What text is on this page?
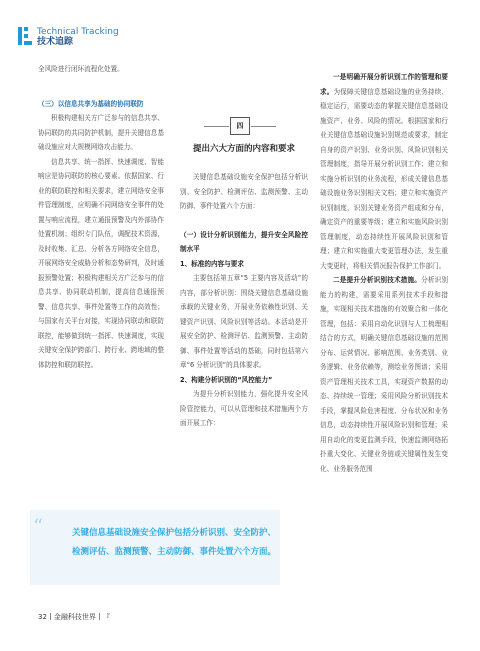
Technical Tracking
技术追踪

全风险进行闭环流程化处置。

（三）以信息共享为基础的协同联防

积极构建相关方广泛参与的信息共享、协同联防的共同防护机制，提升关键信息基础设施应对大规模网络攻击能力。

信息共享、统一指挥、快速调度、智能响应是协同联防的核心要素。依据国家、行业的联防联控和相关要求，建立网络安全事件管理制度，应明确不同网络安全事件的处置与响应流程，建立通报预警及内外部协作处置机制；组织专门队伍，调配技术资源，及时收集、汇总、分析各方网络安全信息，开展网络安全威胁分析和态势研判，及时通报预警处置；积极构建相关方广泛参与的信息共享、协同联动机制，提高信息通报预警、信息共享、事件处置等工作的高效性；与国家有关平台对接，实现协同联动和联防联控，能够做到统一指挥、快速调度，实现关键安全保护跨部门、跨行业、跨地域的整体防控和联防联控。

四
提出六大方面的内容和要求

关键信息基础设施安全保护包括分析识别、安全防护、检测评估、监测预警、主动防御、事件处置六个方面：

（一）设计分析识别能力，提升安全风险控制水平

1、标准的内容与要求

主要包括第五章“5 主要内容及活动”的内容，部分析识别：围绕关键信息基础设施承载的关键业务，开展业务依赖性识别、关键资产识别、风险识别等活动。本活动是开展安全防护、检测评估、监测预警、主动防御、事件处置等活动的基础，同时包括第六章“6 分析识别”的具体要求。

2、构建分析识别的“风控能力”

为提升分析识别能力，强化提升安全风险管控能力，可以从管理和技术措施两个方面开展工作：

一是明确开展分析识别工作的管理和要求。为保障关键信息基础设施的业务持续、稳定运行，需要动态的掌握关键信息基础设施资产、业务、风险的情况。根据国家和行业关键信息基础设施识别规范或要求，制定自身的资产识别、业务识别、风险识别相关管理制度，指导开展分析识别工作；建立和实施分析识别的业务流程，形成关键信息基础设施业务识别相关文档；建立和实施资产识别制度，识别关键业务资产组成和分布，确定资产的重要等级；建立和实施风险识别管理制度，动态持续性开展风险识别和管理；建立和实施重大变更管理办法，发生重大变更时，将相关情况报告保护工作部门。

二是提升分析识别技术措施。分析识别能力的构建，需要采用系列技术手段和措施，实现相关技术措施的有效聚合和一体化管理，包括：采用自动化识别与人工梳理相结合的方式，明确关键信息基础设施的范围分布、运营情况、影响范围、业务类别、业务逻辑、业务依赖等，测绘业务图谱；采用资产管理相关技术工具，实现资产数据的动态、持续统一管理；采用风险分析识别技术手段，掌握风险危害程度、分布状况和业务信息，动态持续性开展风险识别和管理；采用自动化的变更监测手段，快速监测网络拓扑重大变化、关键业务链或关键属性发生变化、业务服务范围

“	关键信息基础设施安全保护包括分析识别、安全防护、检测评估、监测预警、主动防御、事件处置六个方面。
32 金融科技世界 『
